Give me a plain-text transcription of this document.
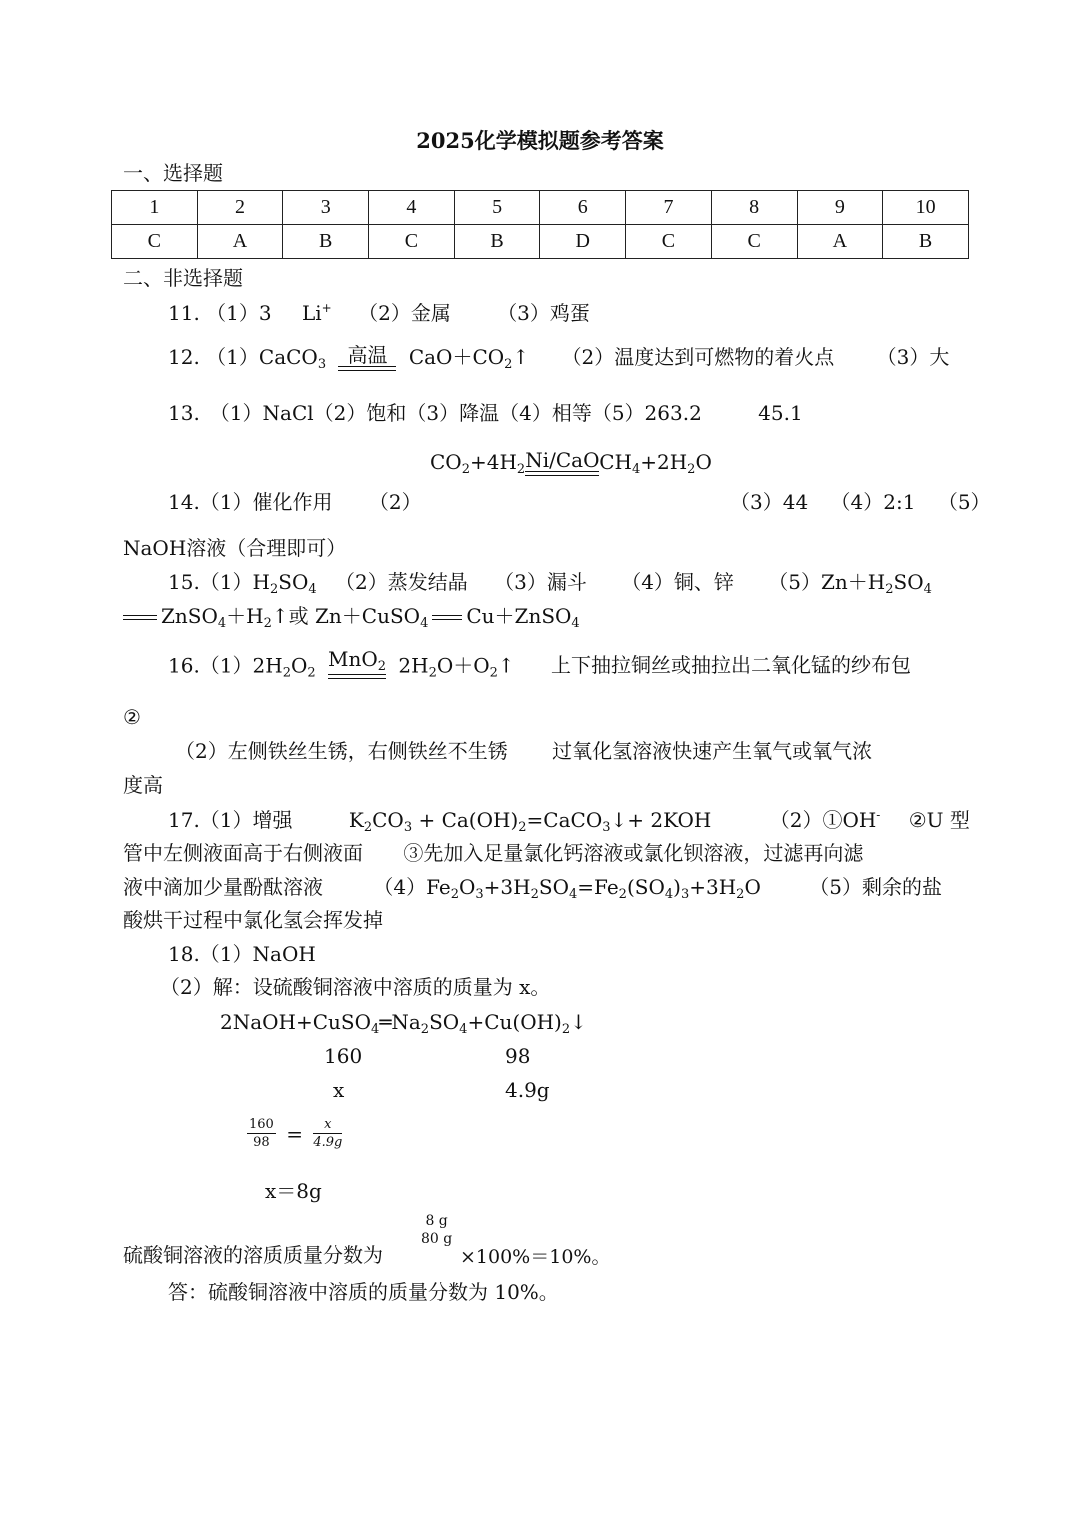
2025化学模拟题参考答案
一、选择题
1	2	3	4	5	6	7	8	9	10
C	A	B	C	B	D	C	C	A	B
二、非选择题
11. （1）3 Li+ （2）金属 （3）鸡蛋
12. （1）CaCO$_3$	高温	$CaO+CO_2↑$ （2）温度达到可燃物的着火点 （3）大
13.　（1）NaCl（2）饱和（3）降温（4）相等（5）263.2	45.1
$CO_2+4H_2$ Ni/CaO $CH_4+2H_2O$
14.（1）催化作用 （2）	（3）44 （4）2:1 （5）
NaOH溶液（合理即可）
$15.(1)H_2SO_4$ （2）蒸发结晶 （3）漏斗 （4）铜、锌 $(5)Zn+H_2SO_4$
$ZnSO_4+H_2↑$或 Zn＋CuSO$_4$ Cu＋ZnSO$_4$
$16.(1)2H_2O_2$
MnO$_2$ $2H_2O+O_2↑$ 上下抽拉铜丝或抽拉出二氧化锰的纱布包
②
（2）左侧铁丝生锈，右侧铁丝不生锈 过氧化氢溶液快速产生氧气或氧气浓
度高
17.（1）增强	$K_2CO_3$ + $Ca(OH)_2=CaCO_3↓+ 2KOH$	（2）①OH- ②U 型
管中左侧液面高于右侧液面 ③先加入足量氯化钙溶液或氯化钡溶液，过滤再向滤
液中滴加少量酚酞溶液	$(4)Fe_2O_3+3H_2SO_4=Fe_2(SO_4)_3+3H_2O$ （5）剩余的盐
酸烘干过程中氯化氢会挥发掉
18.（1）NaOH
（2）解：设硫酸铜溶液中溶质的质量为 x。
$2NaOH+CuSO_4═Na_2SO_4+Cu(OH)_2↓$
160	98
x	4.9g
$\frac{160}{98} = \frac{x}{4.9g}$
x＝8g
硫酸铜溶液的溶质质量分数为
8 g
80 g
×100%＝10%。
答：硫酸铜溶液中溶质的质量分数为 10%。
